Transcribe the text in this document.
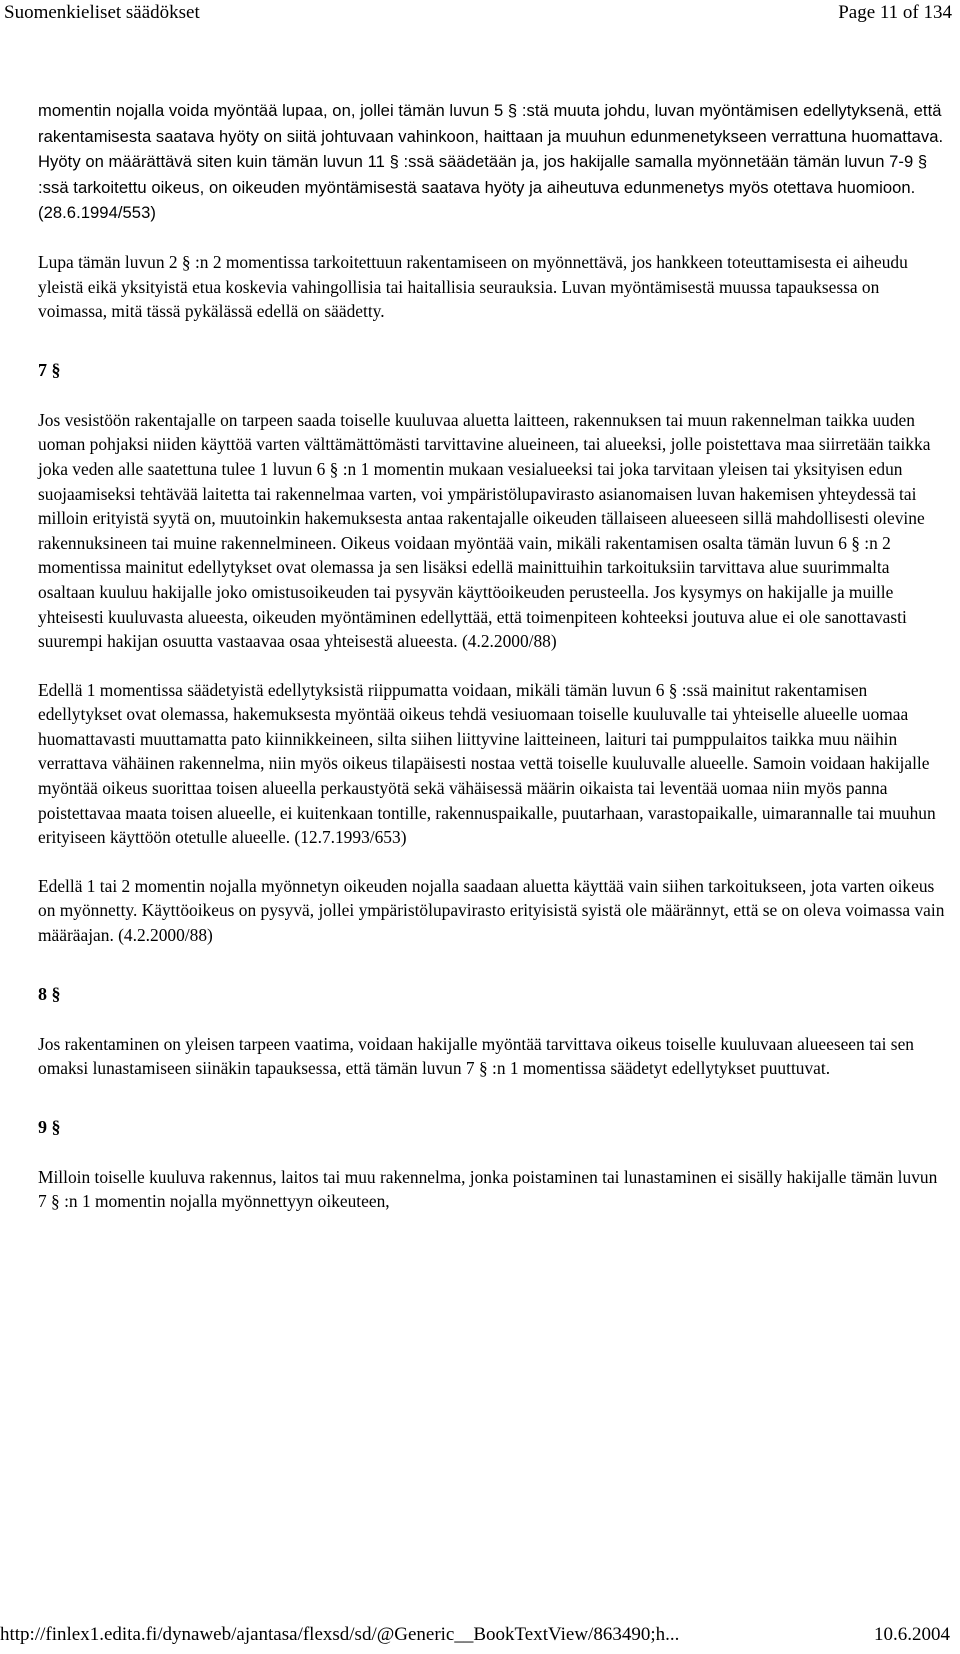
Suomenkieliset säädökset	Page 11 of 134

momentin nojalla voida myöntää lupaa, on, jollei tämän luvun 5 § :stä muuta johdu, luvan myöntämisen edellytyksenä, että rakentamisesta saatava hyöty on siitä johtuvaan vahinkoon, haittaan ja muuhun edunmenetykseen verrattuna huomattava. Hyöty on määrättävä siten kuin tämän luvun 11 § :ssä säädetään ja, jos hakijalle samalla myönnetään tämän luvun 7-9 § :ssä tarkoitettu oikeus, on oikeuden myöntämisestä saatava hyöty ja aiheutuva edunmenetys myös otettava huomioon. (28.6.1994/553)

Lupa tämän luvun 2 § :n 2 momentissa tarkoitettuun rakentamiseen on myönnettävä, jos hankkeen toteuttamisesta ei aiheudu yleistä eikä yksityistä etua koskevia vahingollisia tai haitallisia seurauksia. Luvan myöntämisestä muussa tapauksessa on voimassa, mitä tässä pykälässä edellä on säädetty.

7 §

Jos vesistöön rakentajalle on tarpeen saada toiselle kuuluvaa aluetta laitteen, rakennuksen tai muun rakennelman taikka uuden uoman pohjaksi niiden käyttöä varten välttämättömästi tarvittavine alueineen, tai alueeksi, jolle poistettava maa siirretään taikka joka veden alle saatettuna tulee 1 luvun 6 § :n 1 momentin mukaan vesialueeksi tai joka tarvitaan yleisen tai yksityisen edun suojaamiseksi tehtävää laitetta tai rakennelmaa varten, voi ympäristölupavirasto asianomaisen luvan hakemisen yhteydessä tai milloin erityistä syytä on, muutoinkin hakemuksesta antaa rakentajalle oikeuden tällaiseen alueeseen sillä mahdollisesti olevine rakennuksineen tai muine rakennelmineen. Oikeus voidaan myöntää vain, mikäli rakentamisen osalta tämän luvun 6 § :n 2 momentissa mainitut edellytykset ovat olemassa ja sen lisäksi edellä mainittuihin tarkoituksiin tarvittava alue suurimmalta osaltaan kuuluu hakijalle joko omistusoikeuden tai pysyvän käyttöoikeuden perusteella. Jos kysymys on hakijalle ja muille yhteisesti kuuluvasta alueesta, oikeuden myöntäminen edellyttää, että toimenpiteen kohteeksi joutuva alue ei ole sanottavasti suurempi hakijan osuutta vastaavaa osaa yhteisestä alueesta. (4.2.2000/88)

Edellä 1 momentissa säädetyistä edellytyksistä riippumatta voidaan, mikäli tämän luvun 6 § :ssä mainitut rakentamisen edellytykset ovat olemassa, hakemuksesta myöntää oikeus tehdä vesiuomaan toiselle kuuluvalle tai yhteiselle alueelle uomaa huomattavasti muuttamatta pato kiinnikkeineen, silta siihen liittyvine laitteineen, laituri tai pumppulaitos taikka muu näihin verrattava vähäinen rakennelma, niin myös oikeus tilapäisesti nostaa vettä toiselle kuuluvalle alueelle. Samoin voidaan hakijalle myöntää oikeus suorittaa toisen alueella perkaustyötä sekä vähäisessä määrin oikaista tai leventää uomaa niin myös panna poistettavaa maata toisen alueelle, ei kuitenkaan tontille, rakennuspaikalle, puutarhaan, varastopaikalle, uimarannalle tai muuhun erityiseen käyttöön otetulle alueelle. (12.7.1993/653)

Edellä 1 tai 2 momentin nojalla myönnetyn oikeuden nojalla saadaan aluetta käyttää vain siihen tarkoitukseen, jota varten oikeus on myönnetty. Käyttöoikeus on pysyvä, jollei ympäristölupavirasto erityisistä syistä ole määrännyt, että se on oleva voimassa vain määräajan. (4.2.2000/88)

8 §

Jos rakentaminen on yleisen tarpeen vaatima, voidaan hakijalle myöntää tarvittava oikeus toiselle kuuluvaan alueeseen tai sen omaksi lunastamiseen siinäkin tapauksessa, että tämän luvun 7 § :n 1 momentissa säädetyt edellytykset puuttuvat.

9 §

Milloin toiselle kuuluva rakennus, laitos tai muu rakennelma, jonka poistaminen tai lunastaminen ei sisälly hakijalle tämän luvun 7 § :n 1 momentin nojalla myönnettyyn oikeuteen,

http://finlex1.edita.fi/dynaweb/ajantasa/flexsd/sd/@Generic__BookTextView/863490;h...	10.6.2004
